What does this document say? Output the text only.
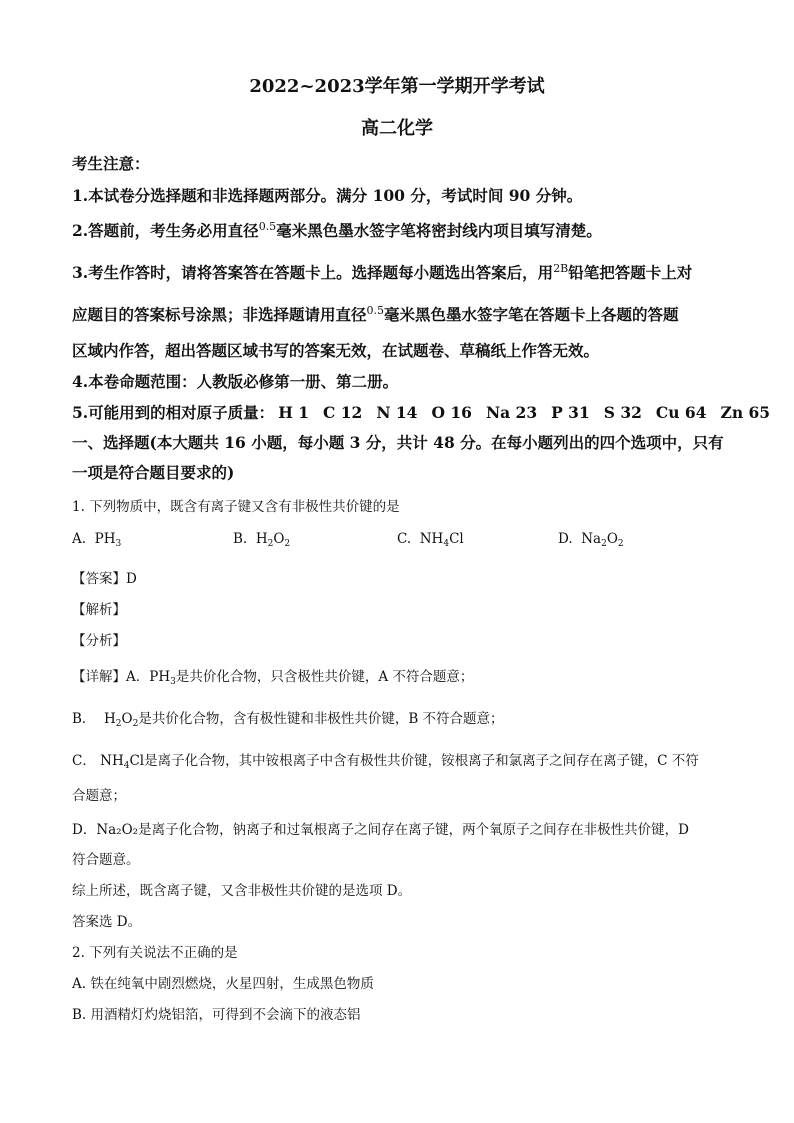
2022~2023学年第一学期开学考试
高二化学
考生注意：
1.本试卷分选择题和非选择题两部分。满分 100 分，考试时间 90 分钟。
2.答题前，考生务必用直径$^{0.5}$毫米黑色墨水签字笔将密封线内项目填写清楚。
3.考生作答时，请将答案答在答题卡上。选择题每小题选出答案后，用$^{2B}$铅笔把答题卡上对
应题目的答案标号涂黑；非选择题请用直径$^{0.5}$毫米黑色墨水签字笔在答题卡上各题的答题
区域内作答，超出答题区域书写的答案无效，在试题卷、草稿纸上作答无效。
4.本卷命题范围：人教版必修第一册、第二册。
5.可能用到的相对原子质量： H 1 C 12 N 14 O 16 Na 23 P 31 S 32 Cu 64 Zn 65
一、选择题(本大题共 16 小题，每小题 3 分，共计 48 分。在每小题列出的四个选项中，只有
一项是符合题目要求的)
1. 下列物质中，既含有离子键又含有非极性共价键的是
A. $PH_3$	B. $H_2O_2$	C. $NH_4Cl$	D. $Na_2O_2$
【答案】D
【解析】
【分析】
【详解】A．$PH_3$是共价化合物，只含极性共价键，A 不符合题意；
B． $H_2O_2$是共价化合物，含有极性键和非极性共价键，B 不符合题意；
C． $NH_4Cl$是离子化合物，其中铵根离子中含有极性共价键，铵根离子和氯离子之间存在离子键，C 不符
合题意；
D．Na₂O₂是离子化合物，钠离子和过氧根离子之间存在离子键，两个氧原子之间存在非极性共价键，D
符合题意。
综上所述，既含离子键，又含非极性共价键的是选项 D。
答案选 D。
2. 下列有关说法不正确的是
A. 铁在纯氧中剧烈燃烧，火星四射，生成黑色物质
B. 用酒精灯灼烧铝箔，可得到不会滴下的液态铝
